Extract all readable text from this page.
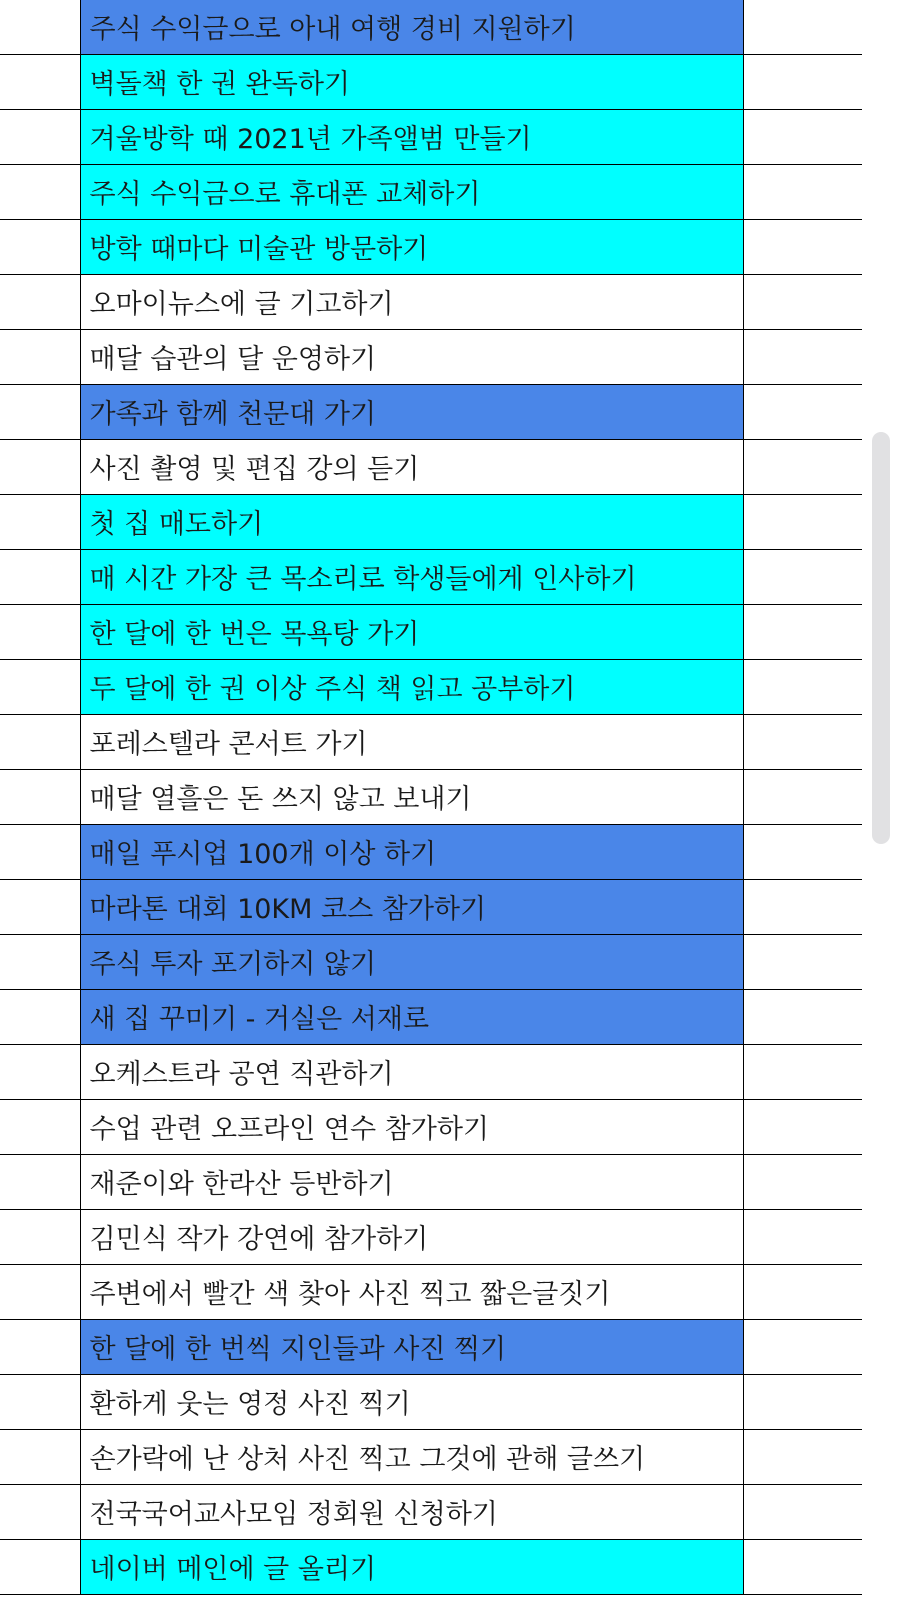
	주식 수익금으로 아내 여행 경비 지원하기	
	벽돌책 한 권 완독하기	
	겨울방학 때 2021년 가족앨범 만들기	
	주식 수익금으로 휴대폰 교체하기	
	방학 때마다 미술관 방문하기	
	오마이뉴스에 글 기고하기	
	매달 습관의 달 운영하기	
	가족과 함께 천문대 가기	
	사진 촬영 및 편집 강의 듣기	
	첫 집 매도하기	
	매 시간 가장 큰 목소리로 학생들에게 인사하기	
	한 달에 한 번은 목욕탕 가기	
	두 달에 한 권 이상 주식 책 읽고 공부하기	
	포레스텔라 콘서트 가기	
	매달 열흘은 돈 쓰지 않고 보내기	
	매일 푸시업 100개 이상 하기	
	마라톤 대회 10KM 코스 참가하기	
	주식 투자 포기하지 않기	
	새 집 꾸미기 - 거실은 서재로	
	오케스트라 공연 직관하기	
	수업 관련 오프라인 연수 참가하기	
	재준이와 한라산 등반하기	
	김민식 작가 강연에 참가하기	
	주변에서 빨간 색 찾아 사진 찍고 짧은글짓기	
	한 달에 한 번씩 지인들과 사진 찍기	
	환하게 웃는 영정 사진 찍기	
	손가락에 난 상처 사진 찍고 그것에 관해 글쓰기	
	전국국어교사모임 정회원 신청하기	
	네이버 메인에 글 올리기	
